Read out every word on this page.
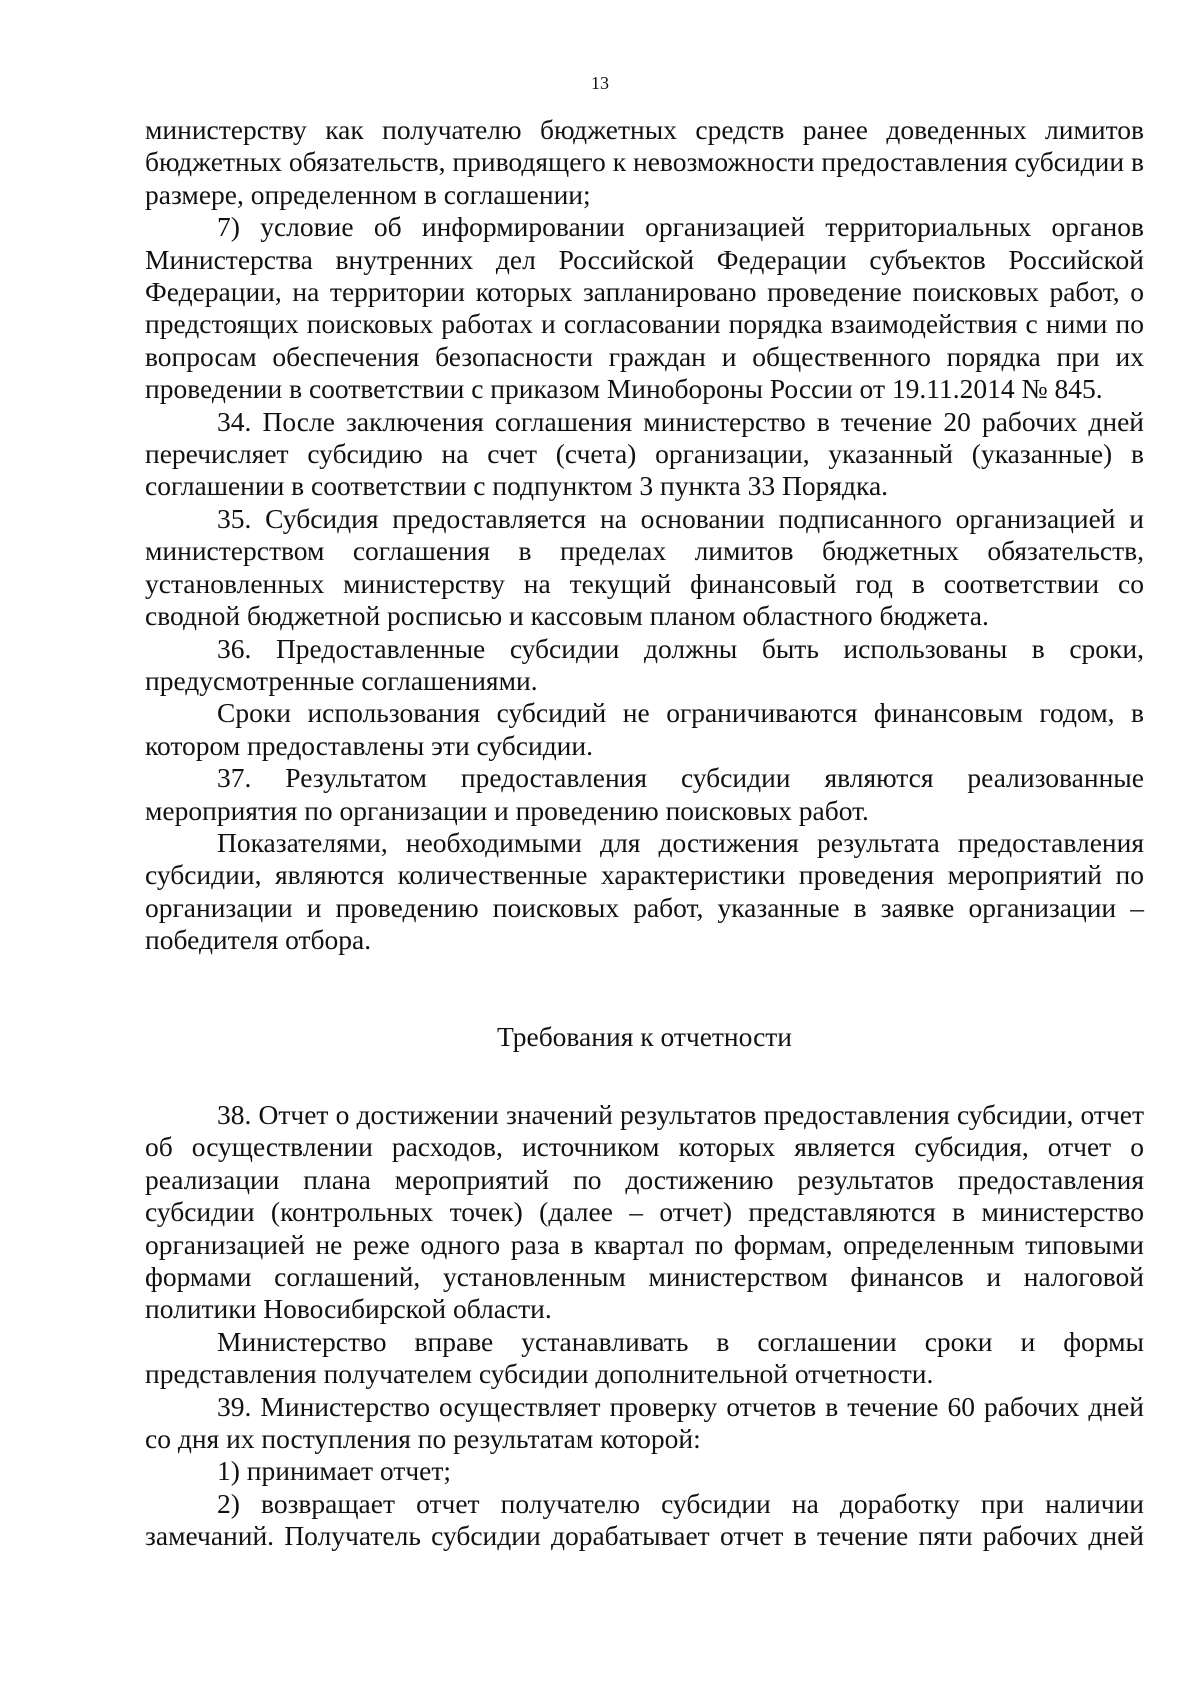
13

министерству как получателю бюджетных средств ранее доведенных лимитов бюджетных обязательств, приводящего к невозможности предоставления субсидии в размере, определенном в соглашении;

7) условие об информировании организацией территориальных органов Министерства внутренних дел Российской Федерации субъектов Российской Федерации, на территории которых запланировано проведение поисковых работ, о предстоящих поисковых работах и согласовании порядка взаимодействия с ними по вопросам обеспечения безопасности граждан и общественного порядка при их проведении в соответствии с приказом Минобороны России от 19.11.2014 № 845.

34. После заключения соглашения министерство в течение 20 рабочих дней перечисляет субсидию на счет (счета) организации, указанный (указанные) в соглашении в соответствии с подпунктом 3 пункта 33 Порядка.

35. Субсидия предоставляется на основании подписанного организацией и министерством соглашения в пределах лимитов бюджетных обязательств, установленных министерству на текущий финансовый год в соответствии со сводной бюджетной росписью и кассовым планом областного бюджета.

36. Предоставленные субсидии должны быть использованы в сроки, предусмотренные соглашениями.

Сроки использования субсидий не ограничиваются финансовым годом, в котором предоставлены эти субсидии.

37. Результатом предоставления субсидии являются реализованные мероприятия по организации и проведению поисковых работ.

Показателями, необходимыми для достижения результата предоставления субсидии, являются количественные характеристики проведения мероприятий по организации и проведению поисковых работ, указанные в заявке организации – победителя отбора.

Требования к отчетности

38. Отчет о достижении значений результатов предоставления субсидии, отчет об осуществлении расходов, источником которых является субсидия, отчет о реализации плана мероприятий по достижению результатов предоставления субсидии (контрольных точек) (далее – отчет) представляются в министерство организацией не реже одного раза в квартал по формам, определенным типовыми формами соглашений, установленным министерством финансов и налоговой политики Новосибирской области.

Министерство вправе устанавливать в соглашении сроки и формы представления получателем субсидии дополнительной отчетности.

39. Министерство осуществляет проверку отчетов в течение 60 рабочих дней со дня их поступления по результатам которой:

1) принимает отчет;

2) возвращает отчет получателю субсидии на доработку при наличии замечаний. Получатель субсидии дорабатывает отчет в течение пяти рабочих дней
